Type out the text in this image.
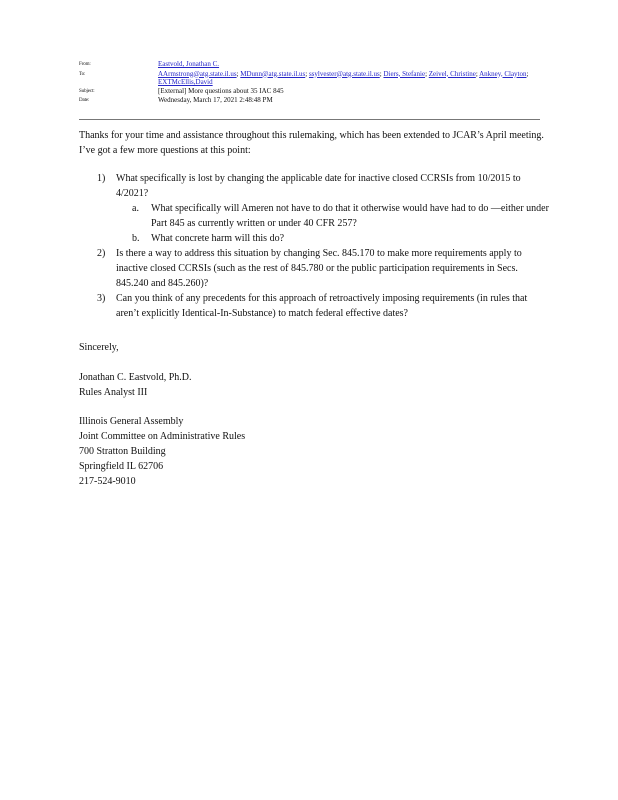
From:	Eastvold, Jonathan C.
To:	AArmstrong@atg.state.il.us; MDunn@atg.state.il.us; ssylvester@atg.state.il.us; Diers, Stefanie; Zeivel, Christine; Ankney, Clayton; EXTMcEllis,David
Subject:	[External] More questions about 35 IAC 845
Date:	Wednesday, March 17, 2021 2:48:48 PM
Thanks for your time and assistance throughout this rulemaking, which has been extended to JCAR’s April meeting. I’ve got a few more questions at this point:
1)	What specifically is lost by changing the applicable date for inactive closed CCRSIs from 10/2015 to 4/2021?
a.	What specifically will Ameren not have to do that it otherwise would have had to do —either under Part 845 as currently written or under 40 CFR 257?
b.	What concrete harm will this do?
2)	Is there a way to address this situation by changing Sec. 845.170 to make more requirements apply to inactive closed CCRSIs (such as the rest of 845.780 or the public participation requirements in Secs. 845.240 and 845.260)?
3)	Can you think of any precedents for this approach of retroactively imposing requirements (in rules that aren’t explicitly Identical-In-Substance) to match federal effective dates?
Sincerely,
Jonathan C. Eastvold, Ph.D.
Rules Analyst III
Illinois General Assembly
Joint Committee on Administrative Rules
700 Stratton Building
Springfield IL 62706
217-524-9010
